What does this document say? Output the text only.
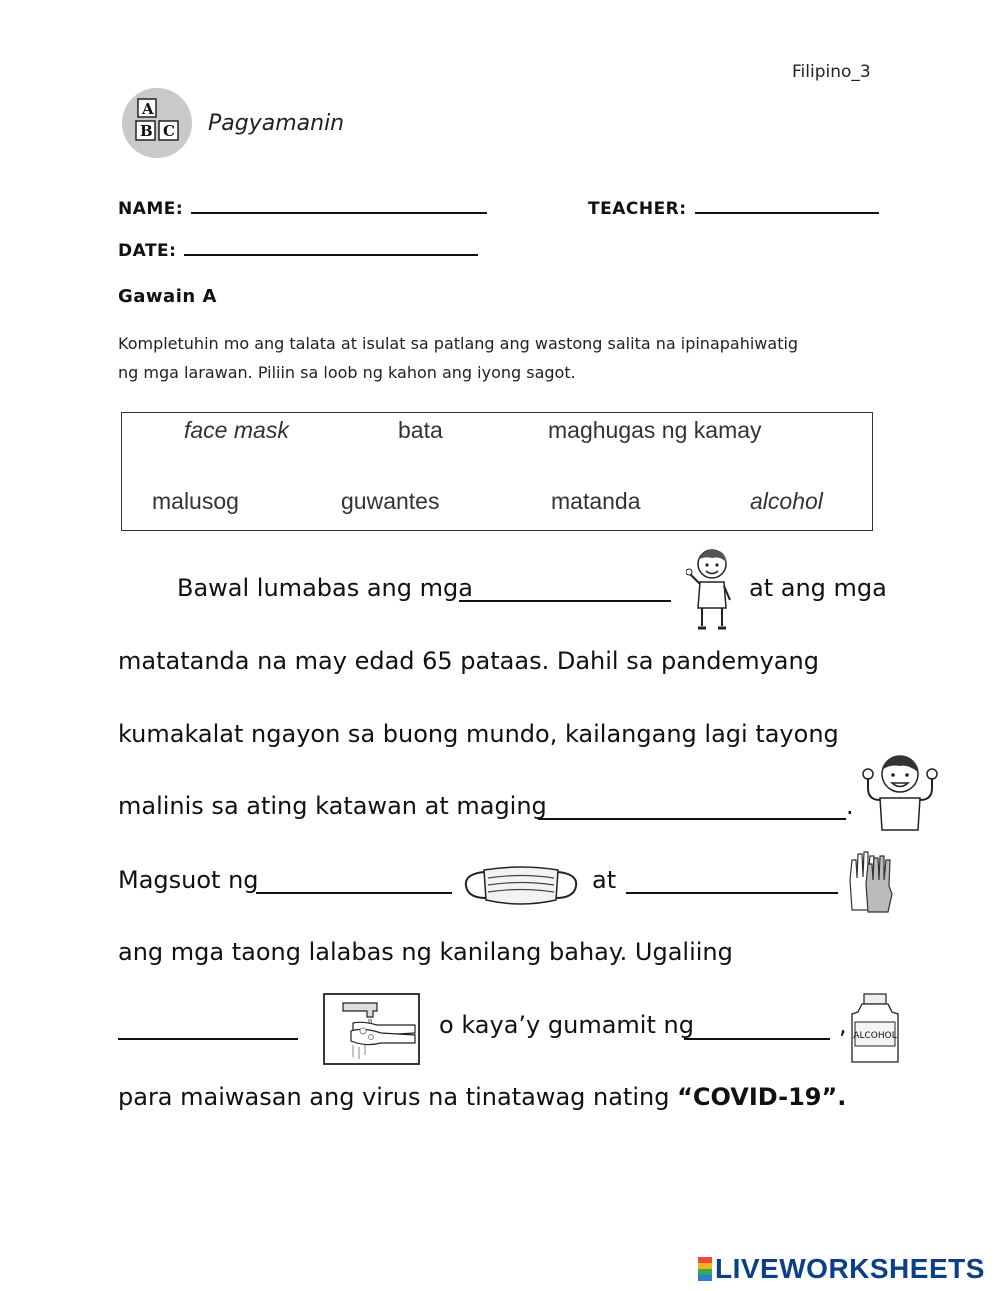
Filipino_3
A
B C Pagyamanin
NAME:	TEACHER:
DATE:
Gawain A
Kompletuhin mo ang talata at isulat sa patlang ang wastong salita na ipinapahiwatig
ng mga larawan. Piliin sa loob ng kahon ang iyong sagot.
face mask	bata	maghugas ng kamay
malusog	guwantes	matanda	alcohol
Bawal lumabas ang mga	at ang mga
matatanda na may edad 65 pataas. Dahil sa pandemyang
kumakalat ngayon sa buong mundo, kailangang lagi tayong
malinis sa ating katawan at maging	.
Magsuot ng	at
ang mga taong lalabas ng kanilang bahay. Ugaliing
o kaya’y gumamit ng	, ALCOHOL
para maiwasan ang virus na tinatawag nating “COVID-19”.
LIVEWORKSHEETS
